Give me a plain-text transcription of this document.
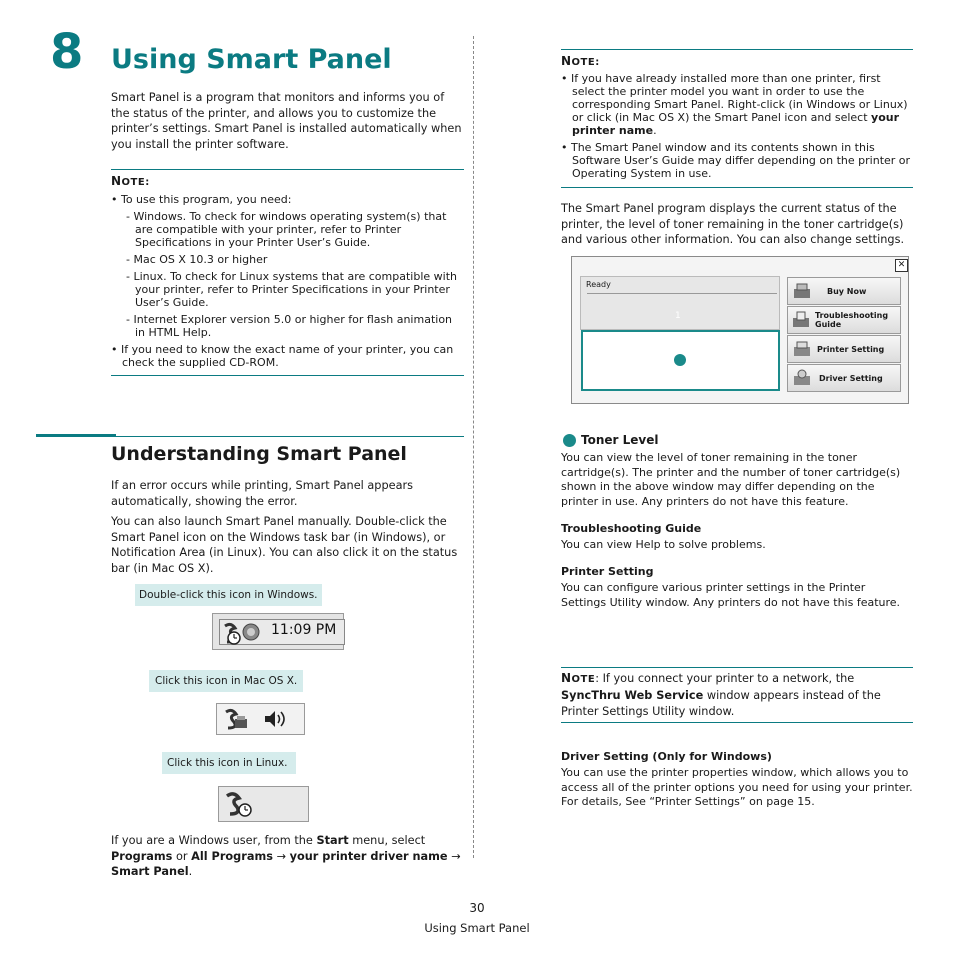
8 Using Smart Panel

Smart Panel is a program that monitors and informs you of the status of the printer, and allows you to customize the printer’s settings. Smart Panel is installed automatically when you install the printer software.

NOTE:

• To use this program, you need:

- Windows. To check for windows operating system(s) that are compatible with your printer, refer to Printer Specifications in your Printer User’s Guide.

- Mac OS X 10.3 or higher

- Linux. To check for Linux systems that are compatible with your printer, refer to Printer Specifications in your Printer User’s Guide.

- Internet Explorer version 5.0 or higher for flash animation in HTML Help.

• If you need to know the exact name of your printer, you can check the supplied CD-ROM.

Understanding Smart Panel

If an error occurs while printing, Smart Panel appears automatically, showing the error.

You can also launch Smart Panel manually. Double-click the Smart Panel icon on the Windows task bar (in Windows), or Notification Area (in Linux). You can also click it on the status bar (in Mac OS X).

Double-click this icon in Windows.
11:09 PM
Click this icon in Mac OS X.
Click this icon in Linux.

If you are a Windows user, from the Start menu, select Programs or All Programs → your printer driver name → Smart Panel.

NOTE:

• If you have already installed more than one printer, first select the printer model you want in order to use the corresponding Smart Panel. Right-click (in Windows or Linux) or click (in Mac OS X) the Smart Panel icon and select your printer name.

• The Smart Panel window and its contents shown in this Software User’s Guide may differ depending on the printer or Operating System in use.

The Smart Panel program displays the current status of the printer, the level of toner remaining in the toner cartridge(s) and various other information. You can also change settings.

✕
Ready
1
Buy Now
Troubleshooting Guide
Printer Setting
Driver Setting
Toner Level

You can view the level of toner remaining in the toner cartridge(s). The printer and the number of toner cartridge(s) shown in the above window may differ depending on the printer in use. Any printers do not have this feature.

Troubleshooting Guide

You can view Help to solve problems.

Printer Setting

You can configure various printer settings in the Printer Settings Utility window. Any printers do not have this feature.

NOTE: If you connect your printer to a network, the SyncThru Web Service window appears instead of the Printer Settings Utility window.

Driver Setting (Only for Windows)

You can use the printer properties window, which allows you to access all of the printer options you need for using your printer. For details, See “Printer Settings” on page 15.

30
Using Smart Panel
